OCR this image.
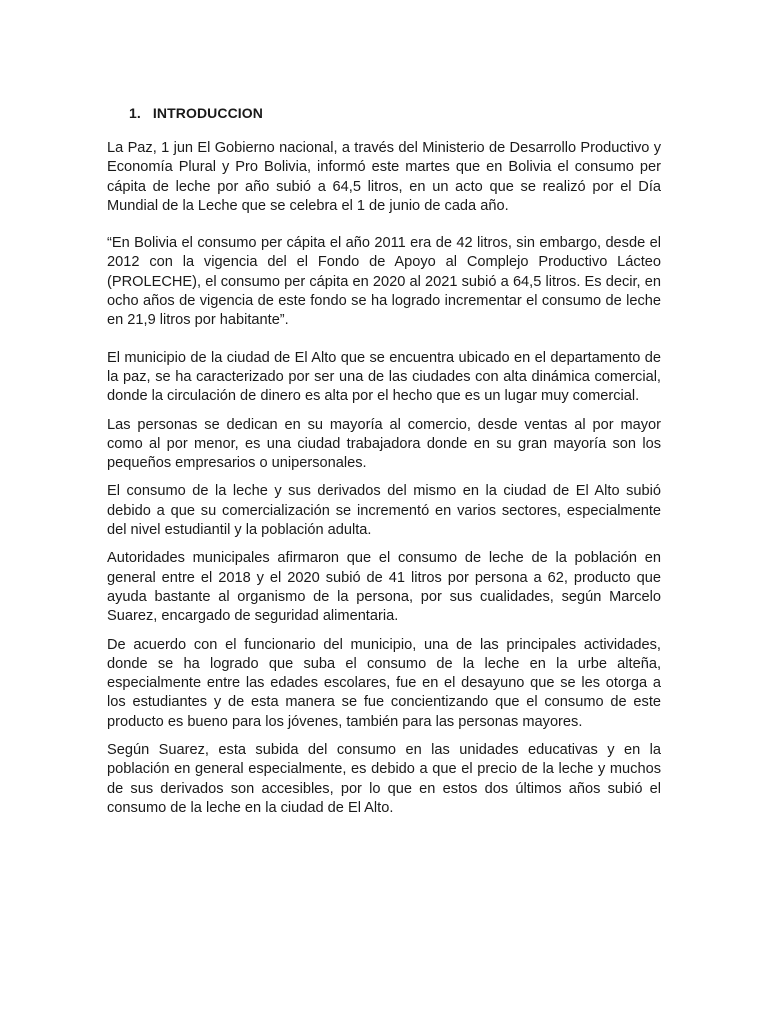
1. INTRODUCCION

La Paz, 1 jun El Gobierno nacional, a través del Ministerio de Desarrollo Productivo y Economía Plural y Pro Bolivia, informó este martes que en Bolivia el consumo per cápita de leche por año subió a 64,5 litros, en un acto que se realizó por el Día Mundial de la Leche que se celebra el 1 de junio de cada año.

“En Bolivia el consumo per cápita el año 2011 era de 42 litros, sin embargo, desde el 2012 con la vigencia del el Fondo de Apoyo al Complejo Productivo Lácteo (PROLECHE), el consumo per cápita en 2020 al 2021 subió a 64,5 litros. Es decir, en ocho años de vigencia de este fondo se ha logrado incrementar el consumo de leche en 21,9 litros por habitante”.

El municipio de la ciudad de El Alto que se encuentra ubicado en el departamento de la paz, se ha caracterizado por ser una de las ciudades con alta dinámica comercial, donde la circulación de dinero es alta por el hecho que es un lugar muy comercial.

Las personas se dedican en su mayoría al comercio, desde ventas al por mayor como al por menor, es una ciudad trabajadora donde en su gran mayoría son los pequeños empresarios o unipersonales.

El consumo de la leche y sus derivados del mismo en la ciudad de El Alto subió debido a que su comercialización se incrementó en varios sectores, especialmente del nivel estudiantil y la población adulta.

Autoridades municipales afirmaron que el consumo de leche de la población en general entre el 2018 y el 2020 subió de 41 litros por persona a 62, producto que ayuda bastante al organismo de la persona, por sus cualidades, según Marcelo Suarez, encargado de seguridad alimentaria.

De acuerdo con el funcionario del municipio, una de las principales actividades, donde se ha logrado que suba el consumo de la leche en la urbe alteña, especialmente entre las edades escolares, fue en el desayuno que se les otorga a los estudiantes y de esta manera se fue concientizando que el consumo de este producto es bueno para los jóvenes, también para las personas mayores.

Según Suarez, esta subida del consumo en las unidades educativas y en la población en general especialmente, es debido a que el precio de la leche y muchos de sus derivados son accesibles, por lo que en estos dos últimos años subió el consumo de la leche en la ciudad de El Alto.
